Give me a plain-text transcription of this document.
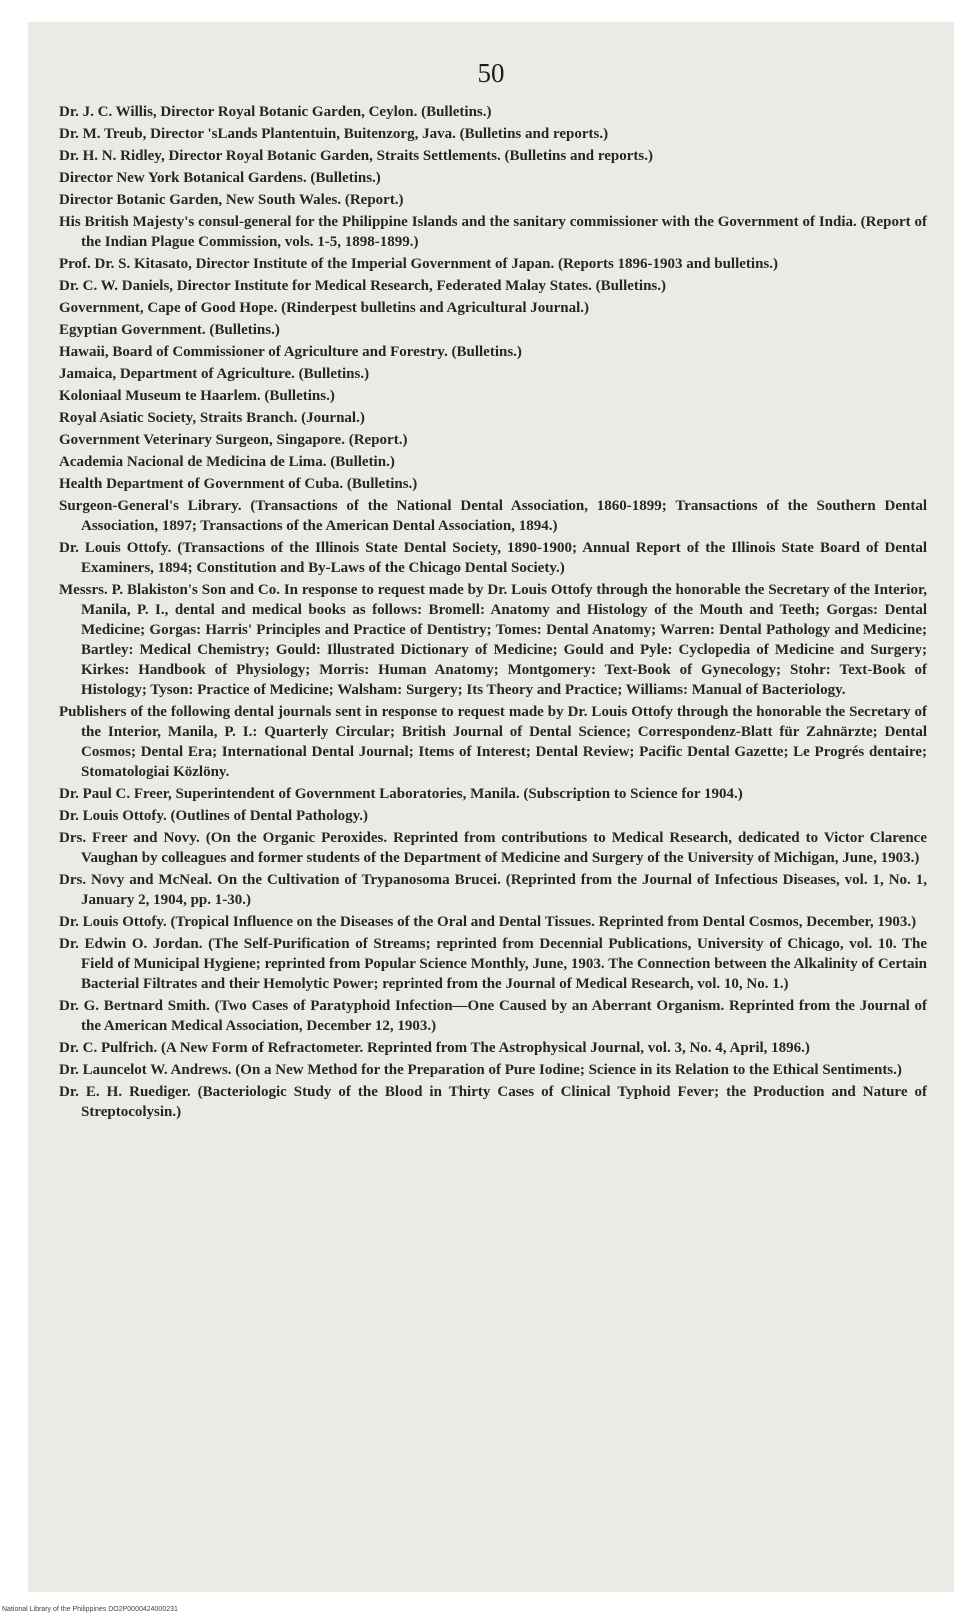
50
Dr. J. C. Willis, Director Royal Botanic Garden, Ceylon. (Bulletins.)
Dr. M. Treub, Director 'sLands Plantentuin, Buitenzorg, Java. (Bulletins and reports.)
Dr. H. N. Ridley, Director Royal Botanic Garden, Straits Settlements. (Bulletins and reports.)
Director New York Botanical Gardens. (Bulletins.)
Director Botanic Garden, New South Wales. (Report.)
His British Majesty's consul-general for the Philippine Islands and the sanitary commissioner with the Government of India. (Report of the Indian Plague Commission, vols. 1-5, 1898-1899.)
Prof. Dr. S. Kitasato, Director Institute of the Imperial Government of Japan. (Reports 1896-1903 and bulletins.)
Dr. C. W. Daniels, Director Institute for Medical Research, Federated Malay States. (Bulletins.)
Government, Cape of Good Hope. (Rinderpest bulletins and Agricultural Journal.)
Egyptian Government. (Bulletins.)
Hawaii, Board of Commissioner of Agriculture and Forestry. (Bulletins.)
Jamaica, Department of Agriculture. (Bulletins.)
Koloniaal Museum te Haarlem. (Bulletins.)
Royal Asiatic Society, Straits Branch. (Journal.)
Government Veterinary Surgeon, Singapore. (Report.)
Academia Nacional de Medicina de Lima. (Bulletin.)
Health Department of Government of Cuba. (Bulletins.)
Surgeon-General's Library. (Transactions of the National Dental Association, 1860-1899; Transactions of the Southern Dental Association, 1897; Transactions of the American Dental Association, 1894.)
Dr. Louis Ottofy. (Transactions of the Illinois State Dental Society, 1890-1900; Annual Report of the Illinois State Board of Dental Examiners, 1894; Constitution and By-Laws of the Chicago Dental Society.)
Messrs. P. Blakiston's Son and Co. In response to request made by Dr. Louis Ottofy through the honorable the Secretary of the Interior, Manila, P. I., dental and medical books as follows: Bromell: Anatomy and Histology of the Mouth and Teeth; Gorgas: Dental Medicine; Gorgas: Harris' Principles and Practice of Dentistry; Tomes: Dental Anatomy; Warren: Dental Pathology and Medicine; Bartley: Medical Chemistry; Gould: Illustrated Dictionary of Medicine; Gould and Pyle: Cyclopedia of Medicine and Surgery; Kirkes: Handbook of Physiology; Morris: Human Anatomy; Montgomery: Text-Book of Gynecology; Stohr: Text-Book of Histology; Tyson: Practice of Medicine; Walsham: Surgery; Its Theory and Practice; Williams: Manual of Bacteriology.
Publishers of the following dental journals sent in response to request made by Dr. Louis Ottofy through the honorable the Secretary of the Interior, Manila, P. I.: Quarterly Circular; British Journal of Dental Science; Correspondenz-Blatt für Zahnärzte; Dental Cosmos; Dental Era; International Dental Journal; Items of Interest; Dental Review; Pacific Dental Gazette; Le Progrés dentaire; Stomatologiai Közlöny.
Dr. Paul C. Freer, Superintendent of Government Laboratories, Manila. (Subscription to Science for 1904.)
Dr. Louis Ottofy. (Outlines of Dental Pathology.)
Drs. Freer and Novy. (On the Organic Peroxides. Reprinted from contributions to Medical Research, dedicated to Victor Clarence Vaughan by colleagues and former students of the Department of Medicine and Surgery of the University of Michigan, June, 1903.)
Drs. Novy and McNeal. On the Cultivation of Trypanosoma Brucei. (Reprinted from the Journal of Infectious Diseases, vol. 1, No. 1, January 2, 1904, pp. 1-30.)
Dr. Louis Ottofy. (Tropical Influence on the Diseases of the Oral and Dental Tissues. Reprinted from Dental Cosmos, December, 1903.)
Dr. Edwin O. Jordan. (The Self-Purification of Streams; reprinted from Decennial Publications, University of Chicago, vol. 10. The Field of Municipal Hygiene; reprinted from Popular Science Monthly, June, 1903. The Connection between the Alkalinity of Certain Bacterial Filtrates and their Hemolytic Power; reprinted from the Journal of Medical Research, vol. 10, No. 1.)
Dr. G. Bertnard Smith. (Two Cases of Paratyphoid Infection—One Caused by an Aberrant Organism. Reprinted from the Journal of the American Medical Association, December 12, 1903.)
Dr. C. Pulfrich. (A New Form of Refractometer. Reprinted from The Astrophysical Journal, vol. 3, No. 4, April, 1896.)
Dr. Launcelot W. Andrews. (On a New Method for the Preparation of Pure Iodine; Science in its Relation to the Ethical Sentiments.)
Dr. E. H. Ruediger. (Bacteriologic Study of the Blood in Thirty Cases of Clinical Typhoid Fever; the Production and Nature of Streptocolysin.)
National Library of the Philippines DO2P0000424000231
